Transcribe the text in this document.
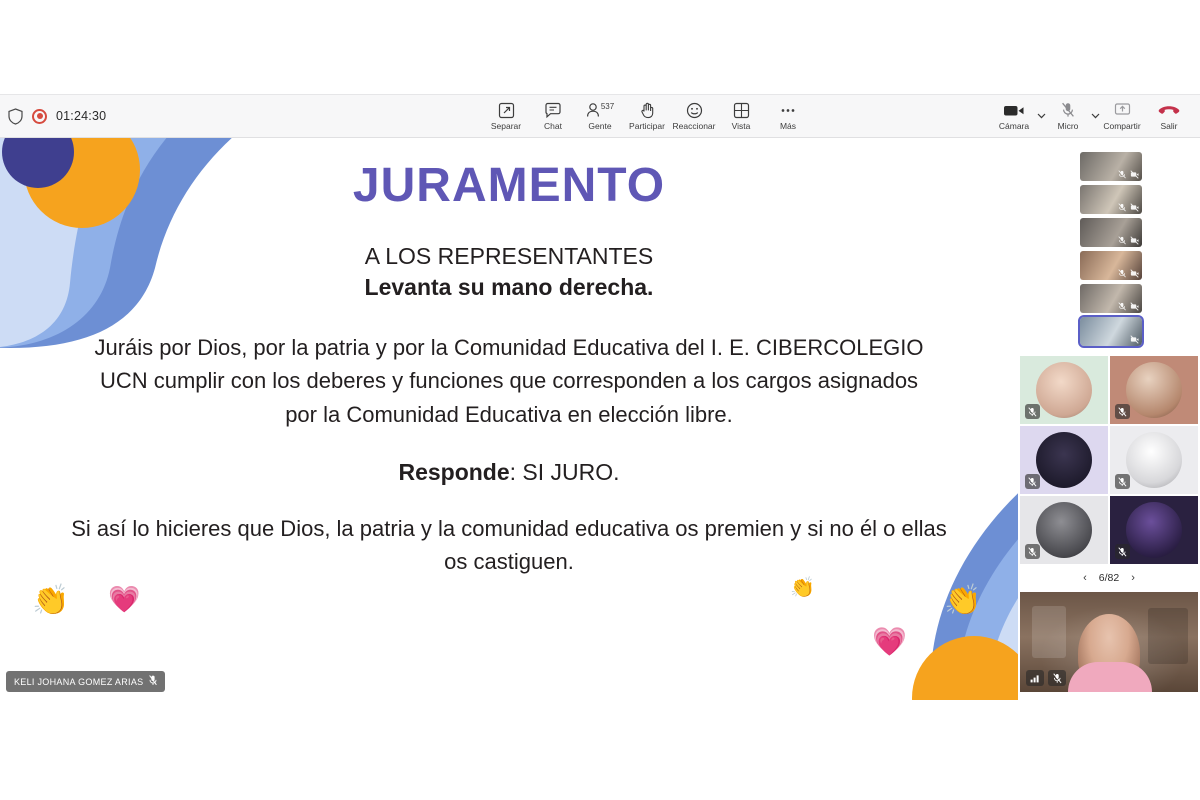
01:24:30
Separar	Chat
537
Gente Participar Reaccionar Vista	Más	Cámara	Micro	Compartir Salir
JURAMENTO
A LOS REPRESENTANTES
Levanta su mano derecha.
Juráis por Dios, por la patria y por la Comunidad Educativa del I. E. CIBERCOLEGIO UCN cumplir con los deberes y funciones que corresponden a los cargos asignados por la Comunidad Educativa en elección libre.
Responde: SI JURO.
Si así lo hicieres que Dios, la patria y la comunidad educativa os premien y si no él o ellas os castiguen.
👏 💗	👏	👏
💗
KELI JOHANA GOMEZ ARIAS
‹ 6/82 ›
